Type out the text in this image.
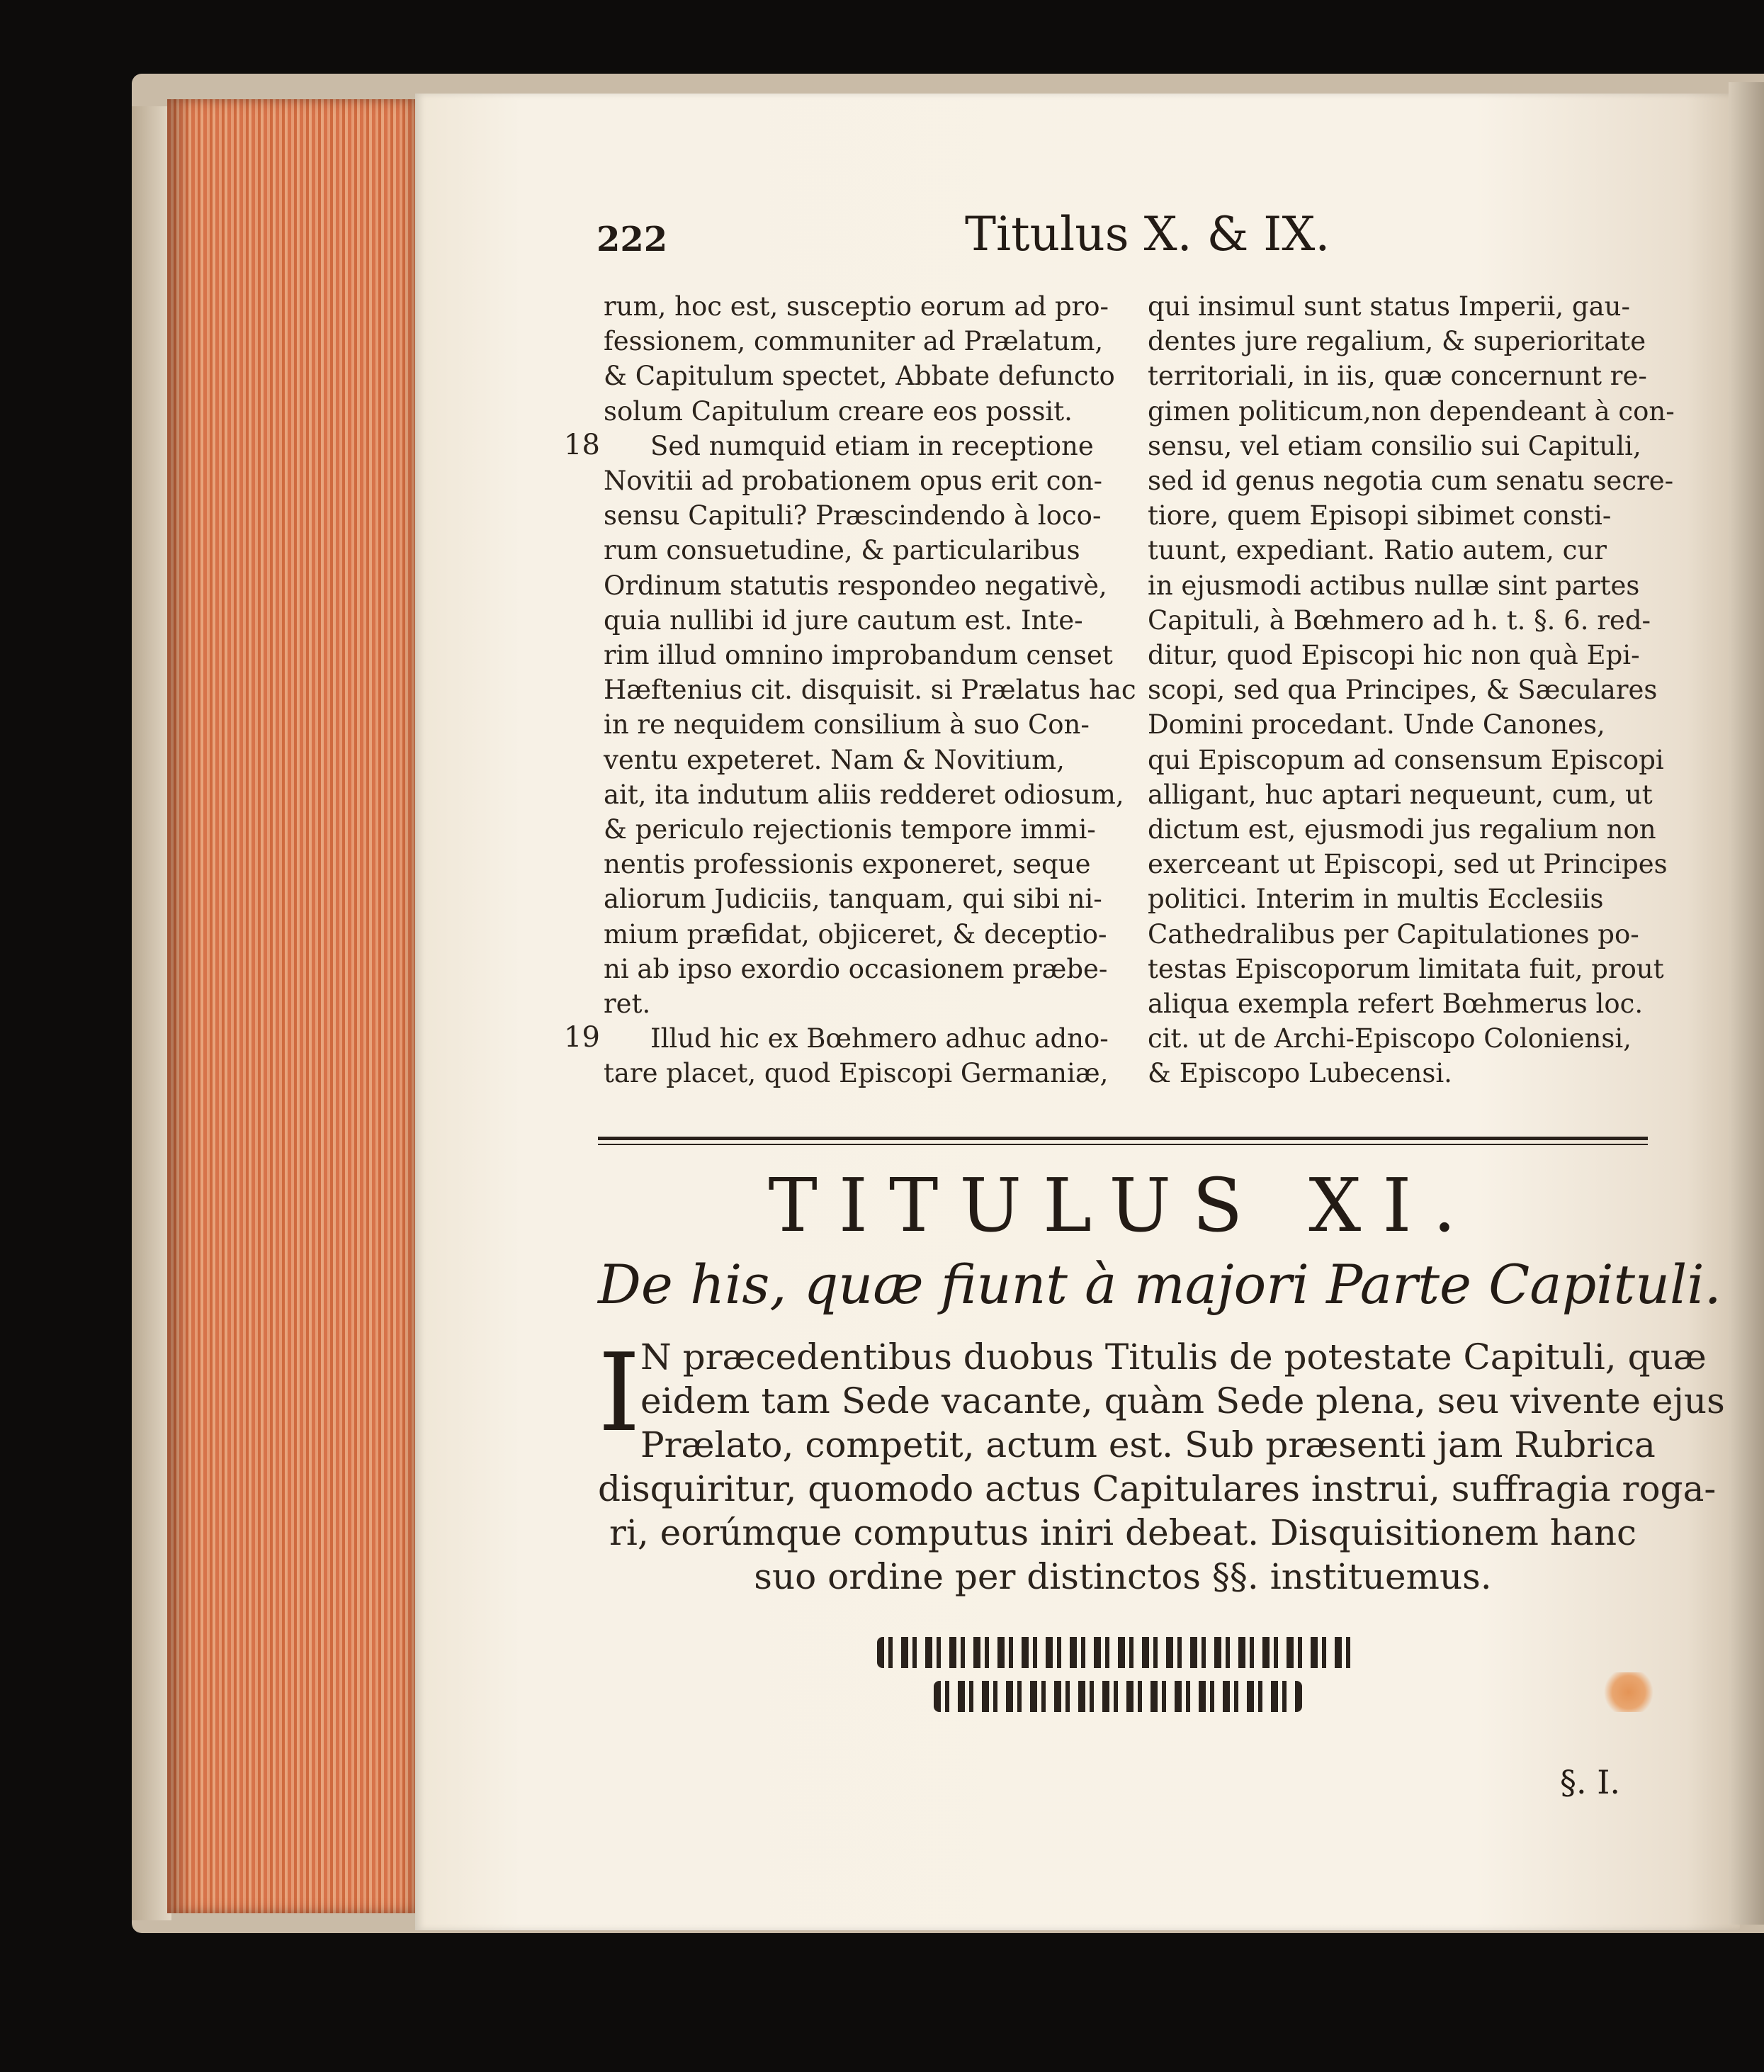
222	Titulus X. & IX.
rum, hoc est, susceptio eorum ad pro-
fessionem, communiter ad Prælatum,
& Capitulum spectet, Abbate defuncto
solum Capitulum creare eos possit.
Sed numquid etiam in receptione
Novitii ad probationem opus erit con-
sensu Capituli? Præscindendo à loco-
rum consuetudine, & particularibus
Ordinum statutis respondeo negativè,
quia nullibi id jure cautum est. Inte-
rim illud omnino improbandum censet
Hæftenius cit. disquisit. si Prælatus hac
in re nequidem consilium à suo Con-
ventu expeteret. Nam & Novitium,
ait, ita indutum aliis redderet odiosum,
& periculo rejectionis tempore immi-
nentis professionis exponeret, seque
aliorum Judiciis, tanquam, qui sibi ni-
mium præfidat, objiceret, & deceptio-
ni ab ipso exordio occasionem præbe-
ret.
Illud hic ex Bœhmero adhuc adno-
tare placet, quod Episcopi Germaniæ,
18
19
qui insimul sunt status Imperii, gau-
dentes jure regalium, & superioritate
territoriali, in iis, quæ concernunt re-
gimen politicum,non dependeant à con-
sensu, vel etiam consilio sui Capituli,
sed id genus negotia cum senatu secre-
tiore, quem Episopi sibimet consti-
tuunt, expediant. Ratio autem, cur
in ejusmodi actibus nullæ sint partes
Capituli, à Bœhmero ad h. t. §. 6. red-
ditur, quod Episcopi hic non quà Epi-
scopi, sed qua Principes, & Sæculares
Domini procedant. Unde Canones,
qui Episcopum ad consensum Episcopi
alligant, huc aptari nequeunt, cum, ut
dictum est, ejusmodi jus regalium non
exerceant ut Episcopi, sed ut Principes
politici. Interim in multis Ecclesiis
Cathedralibus per Capitulationes po-
testas Episcoporum limitata fuit, prout
aliqua exempla refert Bœhmerus loc.
cit. ut de Archi-Episcopo Coloniensi,
& Episcopo Lubecensi.
TITULUS XI.
De his, quæ fiunt à majori Parte Capituli.
I N præcedentibus duobus Titulis de potestate Capituli, quæ
eidem tam Sede vacante, quàm Sede plena, seu vivente ejus
Prælato, competit, actum est. Sub præsenti jam Rubrica
disquiritur, quomodo actus Capitulares instrui, suffragia roga-
ri, eorúmque computus iniri debeat. Disquisitionem hanc
suo ordine per distinctos §§. instituemus.
§. I.
